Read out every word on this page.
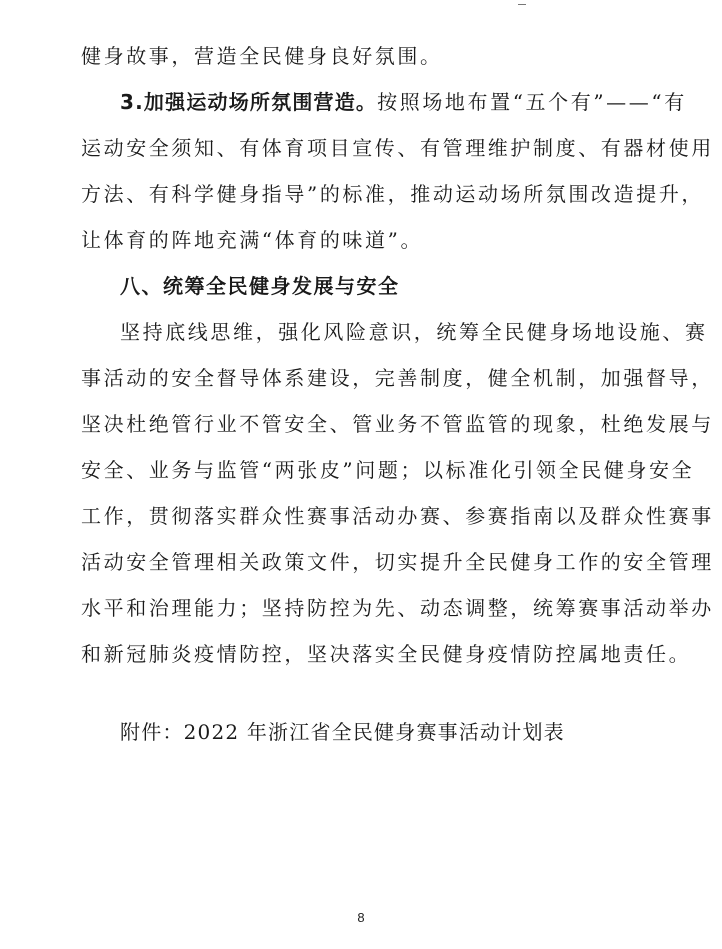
健身故事，营造全民健身良好氛围。
3.加强运动场所氛围营造。按照场地布置“五个有”——“有
运动安全须知、有体育项目宣传、有管理维护制度、有器材使用
方法、有科学健身指导”的标准，推动运动场所氛围改造提升，
让体育的阵地充满“体育的味道”。
八、统筹全民健身发展与安全
坚持底线思维，强化风险意识，统筹全民健身场地设施、赛
事活动的安全督导体系建设，完善制度，健全机制，加强督导，
坚决杜绝管行业不管安全、管业务不管监管的现象，杜绝发展与
安全、业务与监管“两张皮”问题；以标准化引领全民健身安全
工作，贯彻落实群众性赛事活动办赛、参赛指南以及群众性赛事
活动安全管理相关政策文件，切实提升全民健身工作的安全管理
水平和治理能力；坚持防控为先、动态调整，统筹赛事活动举办
和新冠肺炎疫情防控，坚决落实全民健身疫情防控属地责任。
附件：2022 年浙江省全民健身赛事活动计划表
8
